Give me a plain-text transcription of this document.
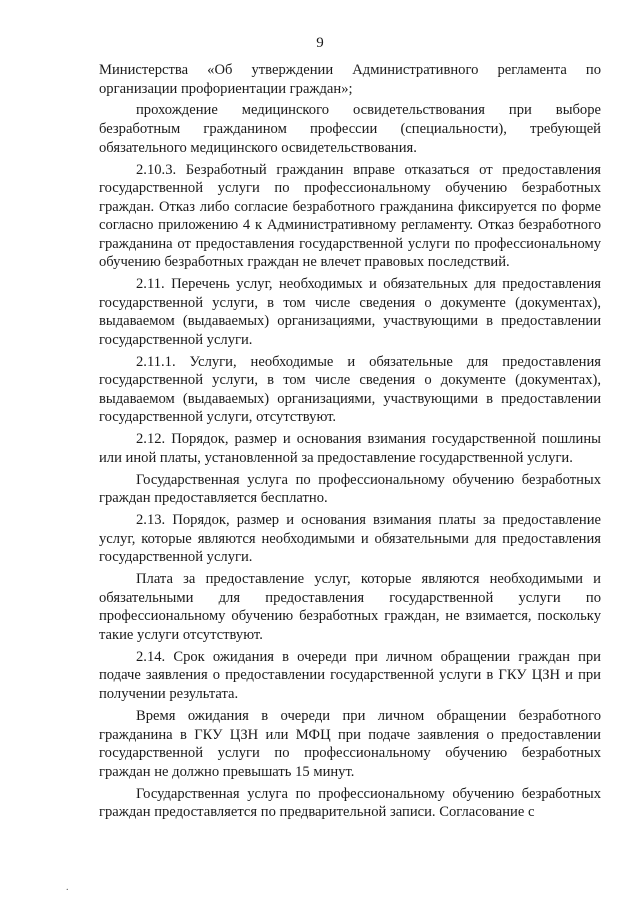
9

Министерства «Об утверждении Административного регламента по организации профориентации граждан»;

прохождение медицинского освидетельствования при выборе безработным гражданином профессии (специальности), требующей обязательного медицинского освидетельствования.

2.10.3. Безработный гражданин вправе отказаться от предоставления государственной услуги по профессиональному обучению безработных граждан. Отказ либо согласие безработного гражданина фиксируется по форме согласно приложению 4 к Административному регламенту. Отказ безработного гражданина от предоставления государственной услуги по профессиональному обучению безработных граждан не влечет правовых последствий.

2.11. Перечень услуг, необходимых и обязательных для предоставления государственной услуги, в том числе сведения о документе (документах), выдаваемом (выдаваемых) организациями, участвующими в предоставлении государственной услуги.

2.11.1. Услуги, необходимые и обязательные для предоставления государственной услуги, в том числе сведения о документе (документах), выдаваемом (выдаваемых) организациями, участвующими в предоставлении государственной услуги, отсутствуют.

2.12. Порядок, размер и основания взимания государственной пошлины или иной платы, установленной за предоставление государственной услуги.

Государственная услуга по профессиональному обучению безработных граждан предоставляется бесплатно.

2.13. Порядок, размер и основания взимания платы за предоставление услуг, которые являются необходимыми и обязательными для предоставления государственной услуги.

Плата за предоставление услуг, которые являются необходимыми и обязательными для предоставления государственной услуги по профессиональному обучению безработных граждан, не взимается, поскольку такие услуги отсутствуют.

2.14. Срок ожидания в очереди при личном обращении граждан при подаче заявления о предоставлении государственной услуги в ГКУ ЦЗН и при получении результата.

Время ожидания в очереди при личном обращении безработного гражданина в ГКУ ЦЗН или МФЦ при подаче заявления о предоставлении государственной услуги по профессиональному обучению безработных граждан не должно превышать 15 минут.

Государственная услуга по профессиональному обучению безработных граждан предоставляется по предварительной записи. Согласование с

.
